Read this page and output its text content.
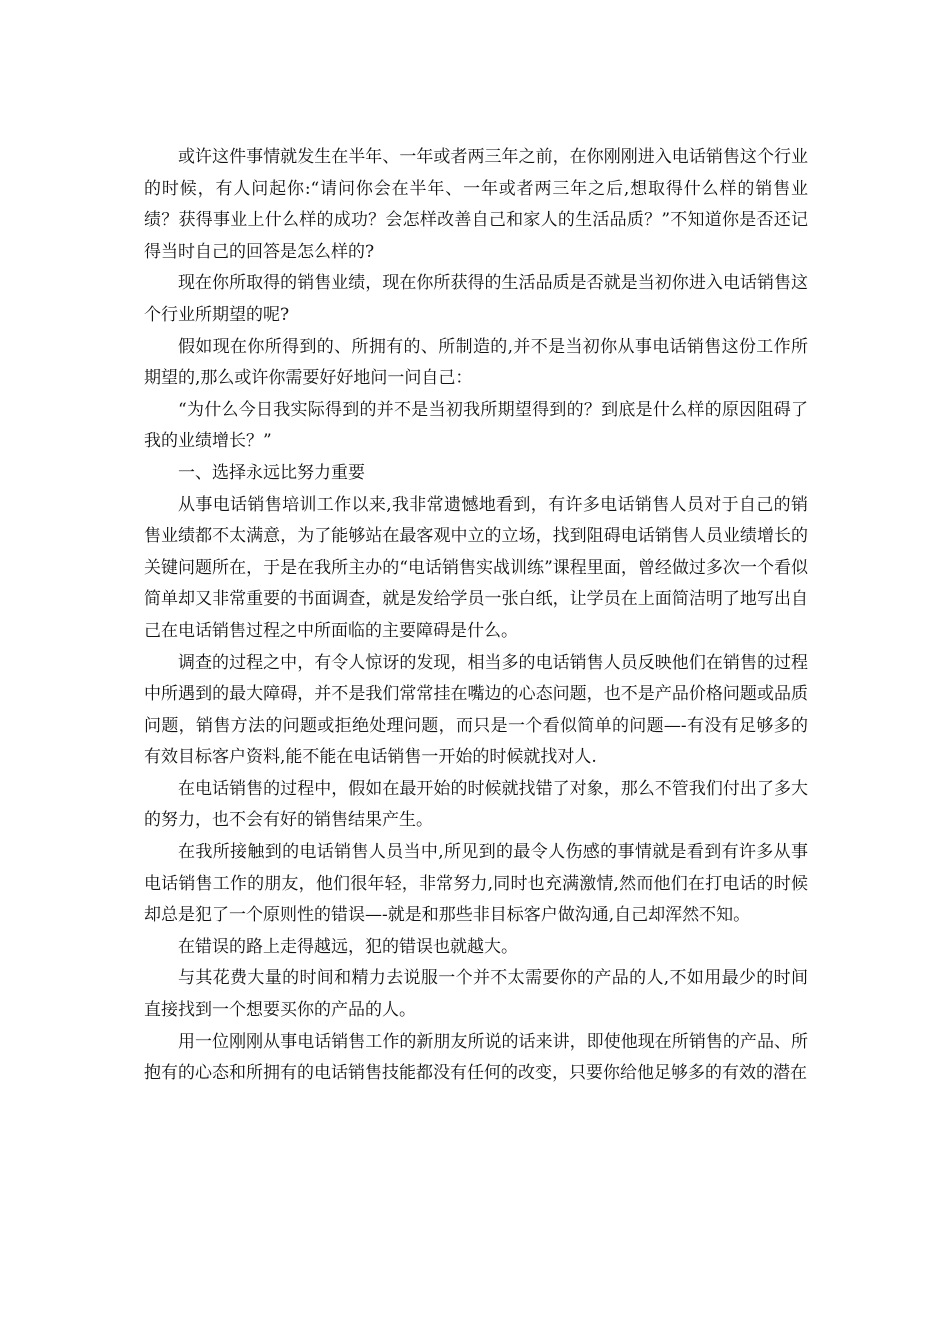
或许这件事情就发生在半年、一年或者两三年之前，在你刚刚进入电话销售这个行业的时候，有人问起你:“请问你会在半年、一年或者两三年之后,想取得什么样的销售业绩？获得事业上什么样的成功？会怎样改善自己和家人的生活品质？”不知道你是否还记得当时自己的回答是怎么样的?

现在你所取得的销售业绩，现在你所获得的生活品质是否就是当初你进入电话销售这个行业所期望的呢?

假如现在你所得到的、所拥有的、所制造的,并不是当初你从事电话销售这份工作所期望的,那么或许你需要好好地问一问自己：

“为什么今日我实际得到的并不是当初我所期望得到的？到底是什么样的原因阻碍了我的业绩增长？”

一、选择永远比努力重要

从事电话销售培训工作以来,我非常遗憾地看到，有许多电话销售人员对于自己的销售业绩都不太满意，为了能够站在最客观中立的立场，找到阻碍电话销售人员业绩增长的关键问题所在，于是在我所主办的“电话销售实战训练”课程里面，曾经做过多次一个看似简单却又非常重要的书面调查，就是发给学员一张白纸，让学员在上面简洁明了地写出自己在电话销售过程之中所面临的主要障碍是什么。

调查的过程之中，有令人惊讶的发现，相当多的电话销售人员反映他们在销售的过程中所遇到的最大障碍，并不是我们常常挂在嘴边的心态问题，也不是产品价格问题或品质问题，销售方法的问题或拒绝处理问题，而只是一个看似简单的问题—-有没有足够多的有效目标客户资料,能不能在电话销售一开始的时候就找对人.

在电话销售的过程中，假如在最开始的时候就找错了对象，那么不管我们付出了多大的努力，也不会有好的销售结果产生。

在我所接触到的电话销售人员当中,所见到的最令人伤感的事情就是看到有许多从事电话销售工作的朋友，他们很年轻，非常努力,同时也充满激情,然而他们在打电话的时候却总是犯了一个原则性的错误—-就是和那些非目标客户做沟通,自己却浑然不知。

在错误的路上走得越远，犯的错误也就越大。

与其花费大量的时间和精力去说服一个并不太需要你的产品的人,不如用最少的时间直接找到一个想要买你的产品的人。

用一位刚刚从事电话销售工作的新朋友所说的话来讲，即使他现在所销售的产品、所抱有的心态和所拥有的电话销售技能都没有任何的改变，只要你给他足够多的有效的潜在
